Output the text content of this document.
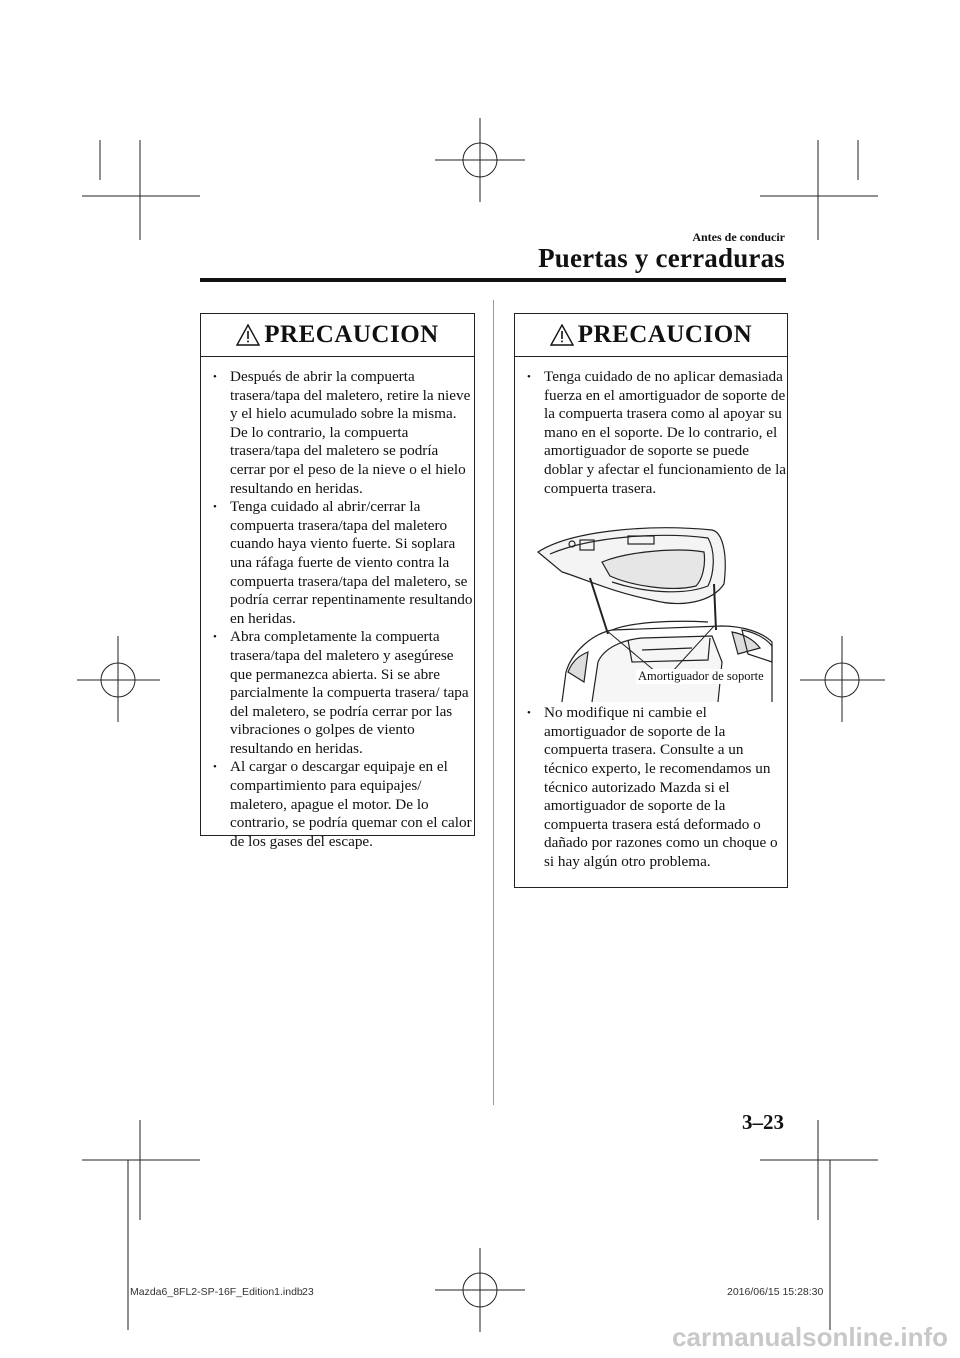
Antes de conducir
Puertas y cerraduras
PRECAUCION
• Después de abrir la compuerta trasera/tapa del maletero, retire la nieve y el hielo acumulado sobre la misma. De lo contrario, la compuerta trasera/tapa del maletero se podría cerrar por el peso de la nieve o el hielo resultando en heridas.
• Tenga cuidado al abrir/cerrar la compuerta trasera/tapa del maletero cuando haya viento fuerte. Si soplara una ráfaga fuerte de viento contra la compuerta trasera/tapa del maletero, se podría cerrar repentinamente resultando en heridas.
• Abra completamente la compuerta trasera/tapa del maletero y asegúrese que permanezca abierta. Si se abre parcialmente la compuerta trasera/ tapa del maletero, se podría cerrar por las vibraciones o golpes de viento resultando en heridas.
• Al cargar o descargar equipaje en el compartimiento para equipajes/ maletero, apague el motor. De lo contrario, se podría quemar con el calor de los gases del escape.
PRECAUCION
• Tenga cuidado de no aplicar demasiada fuerza en el amortiguador de soporte de la compuerta trasera como al apoyar su mano en el soporte. De lo contrario, el amortiguador de soporte se puede doblar y afectar el funcionamiento de la compuerta trasera.
Amortiguador de soporte
• No modifique ni cambie el amortiguador de soporte de la compuerta trasera. Consulte a un técnico experto, le recomendamos un técnico autorizado Mazda si el amortiguador de soporte de la compuerta trasera está deformado o dañado por razones como un choque o si hay algún otro problema.
3–23
Mazda6_8FL2-SP-16F_Edition1.indb 23	2016/06/15 15:28:30
carmanualsonline.info
